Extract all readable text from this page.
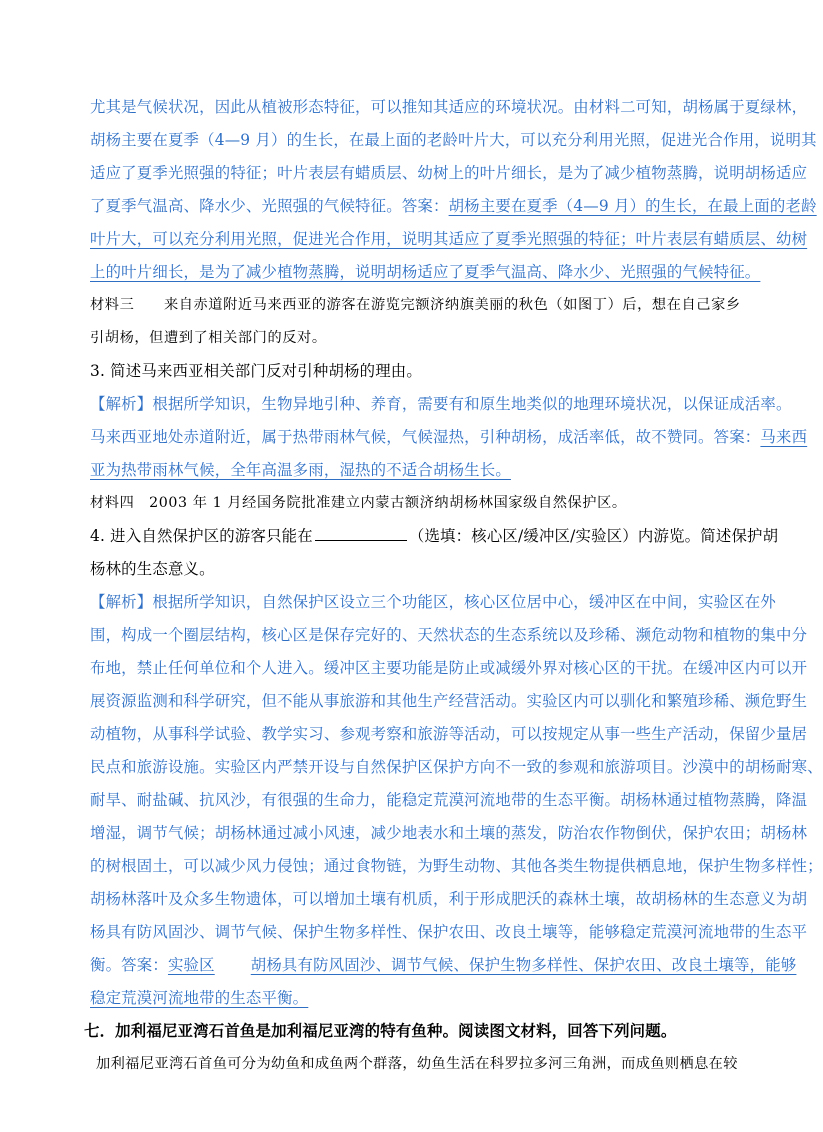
尤其是气候状况，因此从植被形态特征，可以推知其适应的环境状况。由材料二可知，胡杨属于夏绿林，

胡杨主要在夏季（4—9 月）的生长，在最上面的老龄叶片大，可以充分利用光照，促进光合作用，说明其

适应了夏季光照强的特征；叶片表层有蜡质层、幼树上的叶片细长，是为了减少植物蒸腾，说明胡杨适应

了夏季气温高、降水少、光照强的气候特征。答案：胡杨主要在夏季（4—9 月）的生长，在最上面的老龄

叶片大，可以充分利用光照，促进光合作用，说明其适应了夏季光照强的特征；叶片表层有蜡质层、幼树

上的叶片细长，是为了减少植物蒸腾，说明胡杨适应了夏季气温高、降水少、光照强的气候特征。

材料三　　来自赤道附近马来西亚的游客在游览完额济纳旗美丽的秋色（如图丁）后，想在自己家乡

引胡杨，但遭到了相关部门的反对。

3. 简述马来西亚相关部门反对引种胡杨的理由。

【解析】根据所学知识，生物异地引种、养育，需要有和原生地类似的地理环境状况，以保证成活率。

马来西亚地处赤道附近，属于热带雨林气候，气候湿热，引种胡杨，成活率低，故不赞同。答案：马来西

亚为热带雨林气候，全年高温多雨，湿热的不适合胡杨生长。

材料四　2003 年 1 月经国务院批准建立内蒙古额济纳胡杨林国家级自然保护区。

4. 进入自然保护区的游客只能在	（选填：核心区/缓冲区/实验区）内游览。简述保护胡

杨林的生态意义。

【解析】根据所学知识，自然保护区设立三个功能区，核心区位居中心，缓冲区在中间，实验区在外

围，构成一个圈层结构，核心区是保存完好的、天然状态的生态系统以及珍稀、濒危动物和植物的集中分

布地，禁止任何单位和个人进入。缓冲区主要功能是防止或减缓外界对核心区的干扰。在缓冲区内可以开

展资源监测和科学研究，但不能从事旅游和其他生产经营活动。实验区内可以驯化和繁殖珍稀、濒危野生

动植物，从事科学试验、教学实习、参观考察和旅游等活动，可以按规定从事一些生产活动，保留少量居

民点和旅游设施。实验区内严禁开设与自然保护区保护方向不一致的参观和旅游项目。沙漠中的胡杨耐寒、

耐旱、耐盐碱、抗风沙，有很强的生命力，能稳定荒漠河流地带的生态平衡。胡杨林通过植物蒸腾，降温

增湿，调节气候；胡杨林通过减小风速，减少地表水和土壤的蒸发，防治农作物倒伏，保护农田；胡杨林

的树根固土，可以减少风力侵蚀；通过食物链，为野生动物、其他各类生物提供栖息地，保护生物多样性；

胡杨林落叶及众多生物遗体，可以增加土壤有机质，利于形成肥沃的森林土壤，故胡杨林的生态意义为胡

杨具有防风固沙、调节气候、保护生物多样性、保护农田、改良土壤等，能够稳定荒漠河流地带的生态平

衡。答案：实验区 胡杨具有防风固沙、调节气候、保护生物多样性、保护农田、改良土壤等，能够

稳定荒漠河流地带的生态平衡。

七．加利福尼亚湾石首鱼是加利福尼亚湾的特有鱼种。阅读图文材料，回答下列问题。

加利福尼亚湾石首鱼可分为幼鱼和成鱼两个群落，幼鱼生活在科罗拉多河三角洲，而成鱼则栖息在较
